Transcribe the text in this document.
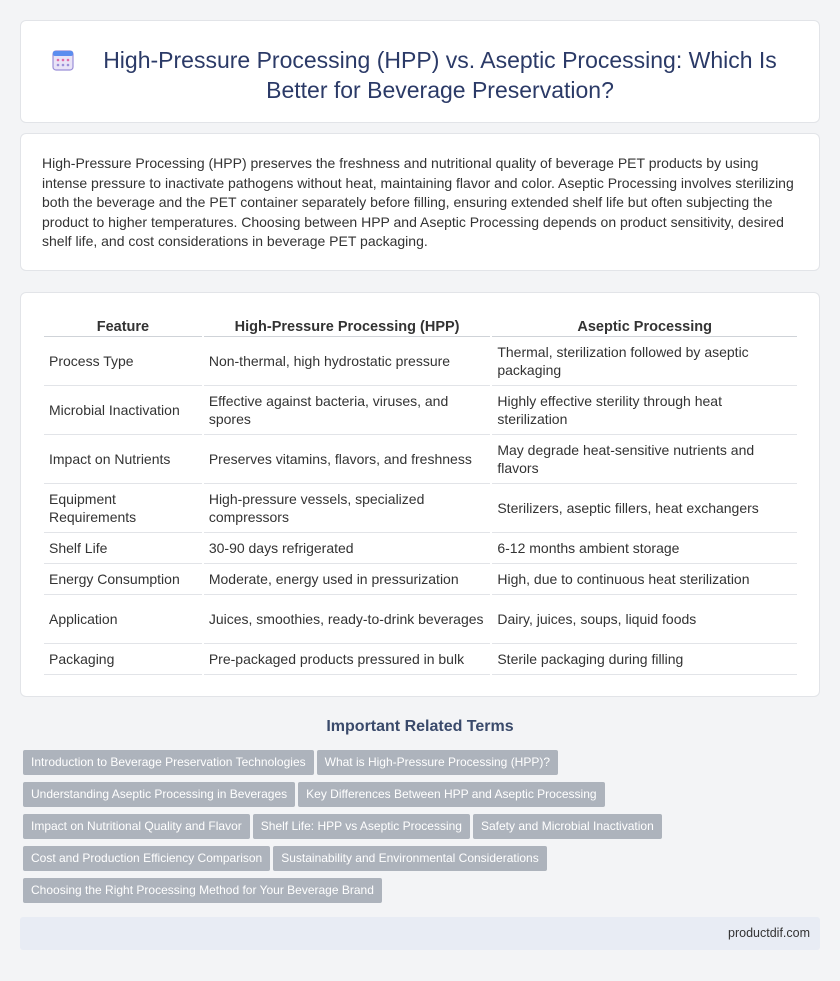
High-Pressure Processing (HPP) vs. Aseptic Processing: Which Is Better for Beverage Preservation?

High-Pressure Processing (HPP) preserves the freshness and nutritional quality of beverage PET products by using intense pressure to inactivate pathogens without heat, maintaining flavor and color. Aseptic Processing involves sterilizing both the beverage and the PET container separately before filling, ensuring extended shelf life but often subjecting the product to higher temperatures. Choosing between HPP and Aseptic Processing depends on product sensitivity, desired shelf life, and cost considerations in beverage PET packaging.

Feature	High-Pressure Processing (HPP)	Aseptic Processing
Process Type	Non-thermal, high hydrostatic pressure	Thermal, sterilization followed by aseptic packaging
Microbial Inactivation	Effective against bacteria, viruses, and spores	Highly effective sterility through heat sterilization
Impact on Nutrients	Preserves vitamins, flavors, and freshness	May degrade heat-sensitive nutrients and flavors
Equipment Requirements	High-pressure vessels, specialized compressors	Sterilizers, aseptic fillers, heat exchangers
Shelf Life	30-90 days refrigerated	6-12 months ambient storage
Energy Consumption	Moderate, energy used in pressurization	High, due to continuous heat sterilization
Application	Juices, smoothies, ready-to-drink beverages	Dairy, juices, soups, liquid foods
Packaging	Pre-packaged products pressured in bulk	Sterile packaging during filling
Important Related Terms
Introduction to Beverage Preservation Technologies What is High-Pressure Processing (HPP)?
Understanding Aseptic Processing in Beverages Key Differences Between HPP and Aseptic Processing
Impact on Nutritional Quality and Flavor Shelf Life: HPP vs Aseptic Processing Safety and Microbial Inactivation
Cost and Production Efficiency Comparison Sustainability and Environmental Considerations
Choosing the Right Processing Method for Your Beverage Brand
productdif.com
